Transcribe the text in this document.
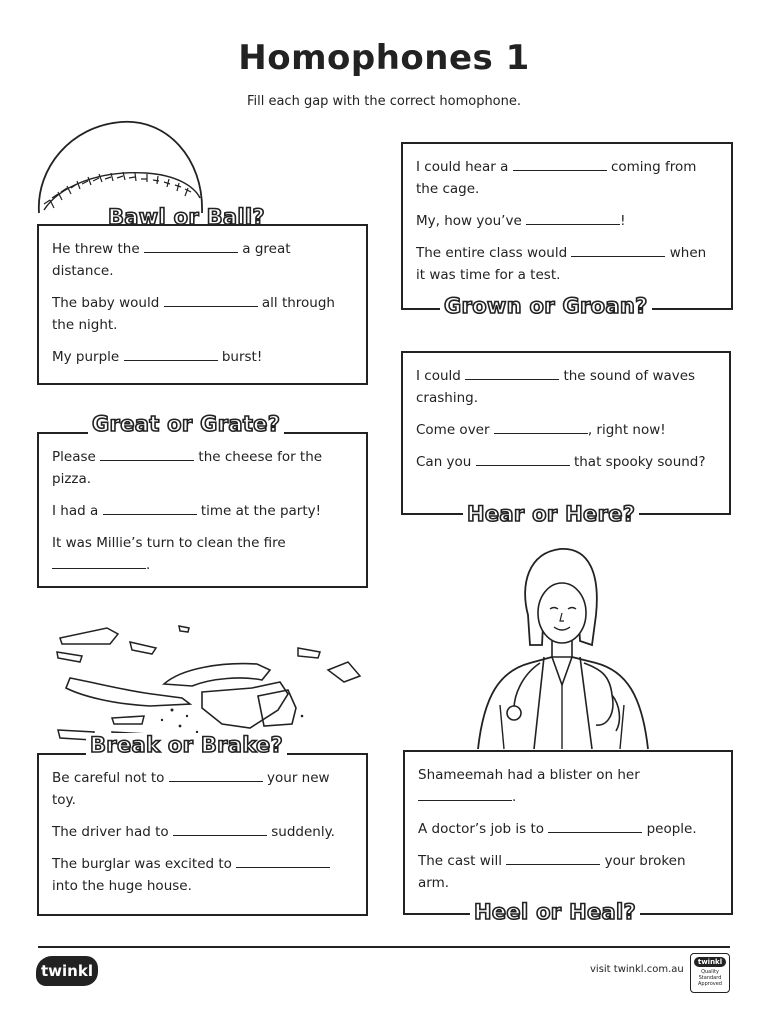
Homophones 1
Fill each gap with the correct homophone.

He threw the	a great distance.

The baby would	all through the night.

My purple	burst!

Bawl or Ball?

Please	the cheese for the pizza.

I had a	time at the party!

It was Millie’s turn to clean the fire .

Great or Grate?

Be careful not to	your new toy.

The driver had to	suddenly.

The burglar was excited to  into the huge house.

Break or Brake?

I could hear a	coming from the cage.

My, how you’ve	!

The entire class would	when it was time for a test.

Grown or Groan?

I could	the sound of waves crashing.

Come over	, right now!

Can you	that spooky sound?

Hear or Here?

Shameemah had a blister on her .

A doctor’s job is to	people.

The cast will	your broken arm.

Heel or Heal?
twinkl	visit twinkl.com.au
twinkl
Quality Standard Approved
